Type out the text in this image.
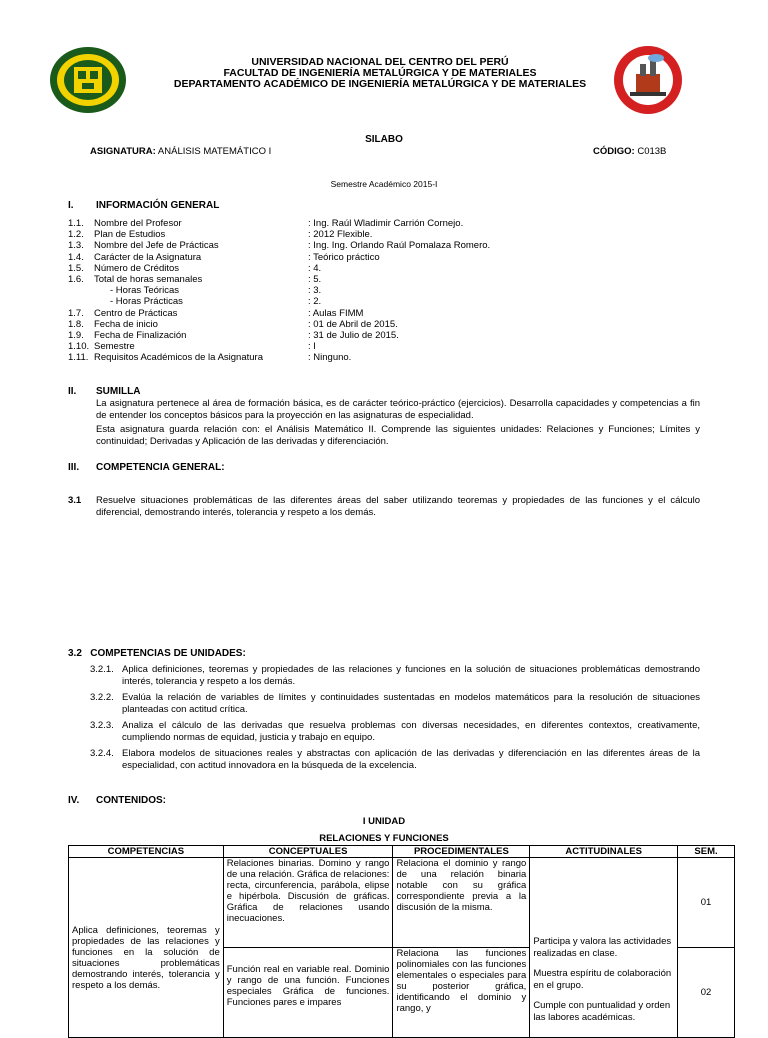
UNIVERSIDAD NACIONAL DEL CENTRO DEL PERÚ
FACULTAD DE INGENIERÍA METALÚRGICA Y DE MATERIALES
DEPARTAMENTO ACADÉMICO DE INGENIERÍA METALÚRGICA Y DE MATERIALES
SILABO
ASIGNATURA: ANÁLISIS MATEMÁTICO I	CÓDIGO: C013B
Semestre Académico 2015-I
I. INFORMACIÓN GENERAL
1.1. Nombre del Profesor	: Ing. Raúl Wladimir Carrión Cornejo.
1.2. Plan de Estudios	: 2012 Flexible.
1.3. Nombre del Jefe de Prácticas	: Ing. Ing. Orlando Raúl Pomalaza Romero.
1.4. Carácter de la Asignatura	: Teórico práctico
1.5. Número de Créditos	: 4.
1.6. Total de horas semanales	: 5.
- Horas Teóricas	: 3.
- Horas Prácticas	: 2.
1.7. Centro de Prácticas	: Aulas FIMM
1.8. Fecha de inicio	: 01 de Abril de 2015.
1.9. Fecha de Finalización	: 31 de Julio de 2015.
1.10. Semestre	: I
1.11. Requisitos Académicos de la Asignatura	: Ninguno.
II. SUMILLA
La asignatura pertenece al área de formación básica, es de carácter teórico-práctico (ejercicios). Desarrolla capacidades y competencias a fin de entender los conceptos básicos para la proyección en las asignaturas de especialidad.
Esta asignatura guarda relación con: el Análisis Matemático II. Comprende las siguientes unidades: Relaciones y Funciones; Límites y continuidad; Derivadas y Aplicación de las derivadas y diferenciación.
III. COMPETENCIA GENERAL:
3.1 Resuelve situaciones problemáticas de las diferentes áreas del saber utilizando teoremas y propiedades de las funciones y el cálculo diferencial, demostrando interés, tolerancia y respeto a los demás.
3.2   COMPETENCIAS DE UNIDADES:
3.2.1. Aplica definiciones, teoremas y propiedades de las relaciones y funciones en la solución de situaciones problemáticas demostrando interés, tolerancia y respeto a los demás.
3.2.2. Evalúa la relación de variables de límites y continuidades sustentadas en modelos matemáticos para la resolución de situaciones planteadas con actitud crítica.
3.2.3. Analiza el cálculo de las derivadas que resuelva problemas con diversas necesidades, en diferentes contextos, creativamente, cumpliendo normas de equidad, justicia y trabajo en equipo.
3.2.4. Elabora modelos de situaciones reales y abstractas con aplicación de las derivadas y diferenciación en las diferentes áreas de la especialidad, con actitud innovadora en la búsqueda de la excelencia.
IV. CONTENIDOS:
I UNIDAD
RELACIONES Y FUNCIONES
COMPETENCIAS	CONCEPTUALES	PROCEDIMENTALES	ACTITUDINALES	SEM.
Aplica definiciones, teoremas y propiedades de las relaciones y funciones en la solución de situaciones problemáticas demostrando interés, tolerancia y respeto a los demás.	Relaciones binarias. Domino y rango de una relación. Gráfica de relaciones: recta, circunferencia, parábola, elipse e hipérbola. Discusión de gráficas. Gráfica de relaciones usando inecuaciones.	Relaciona el dominio y rango de una relación binaria notable con su gráfica correspondiente previa a la discusión de la misma.	Participa y valora las actividades realizadas en clase.
Muestra espíritu de colaboración en el grupo.
Cumple con puntualidad y orden las labores académicas.	01
	Función real en variable real. Dominio y rango de una función. Funciones especiales Gráfica de funciones. Funciones pares e impares	Relaciona las funciones polinomiales con las funciones elementales o especiales para su posterior gráfica, identificando el dominio y rango, y		02
